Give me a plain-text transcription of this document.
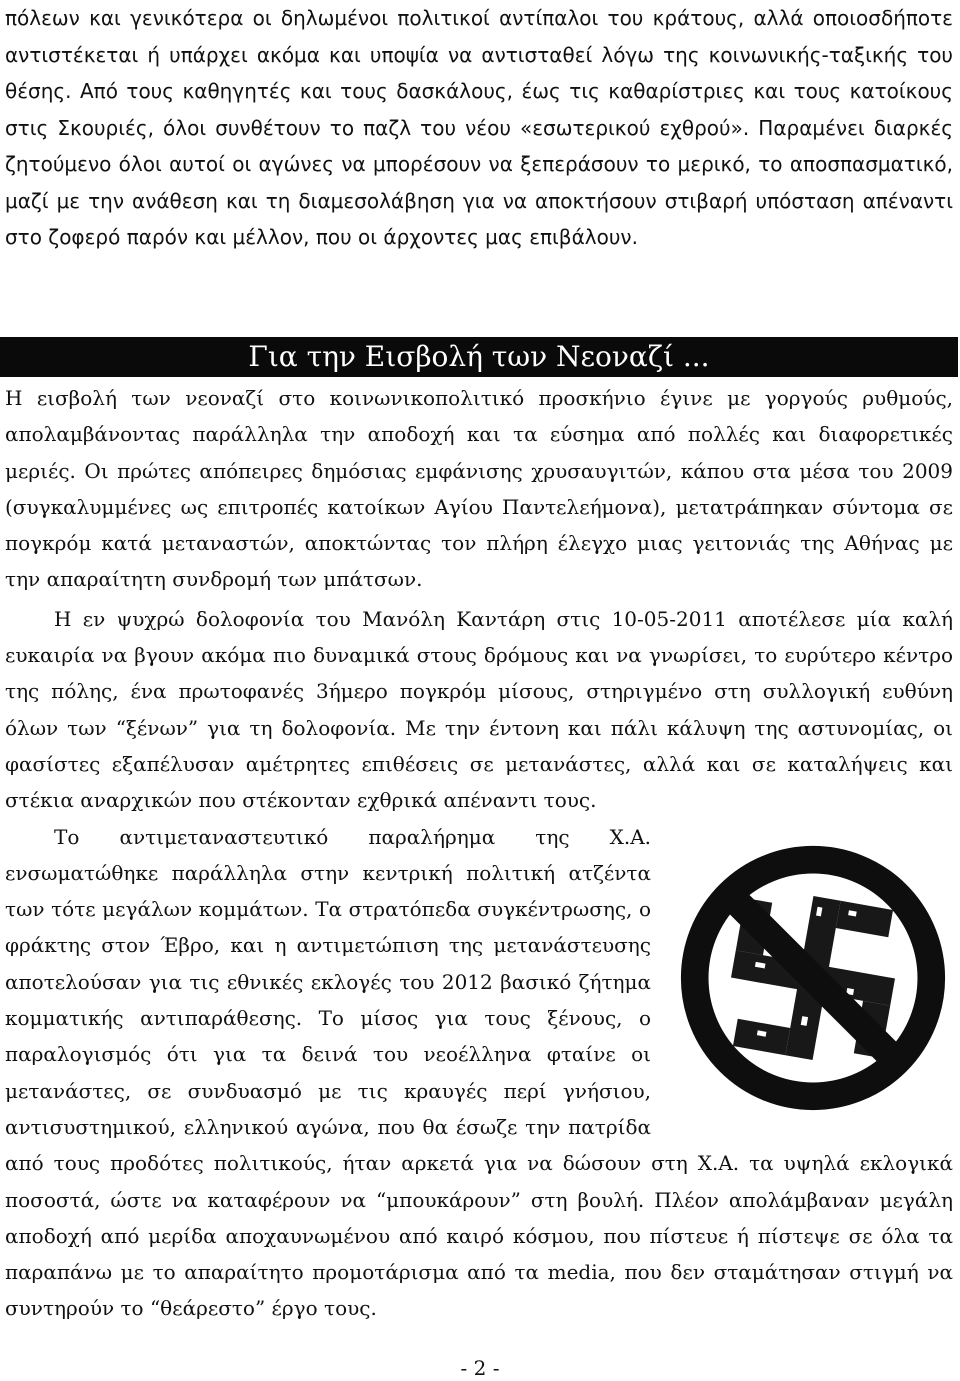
πόλεων και γενικότερα οι δηλωμένοι πολιτικοί αντίπαλοι του κράτους, αλλά οποιοσδήποτε αντιστέκεται ή υπάρχει ακόμα και υποψία να αντισταθεί λόγω της κοινωνικής-ταξικής του θέσης. Από τους καθηγητές και τους δασκάλους, έως τις καθαρίστριες και τους κατοίκους στις Σκουριές, όλοι συνθέτουν το παζλ του νέου «εσωτερικού εχθρού». Παραμένει διαρκές ζητούμενο όλοι αυτοί οι αγώνες να μπορέσουν να ξεπεράσουν το μερικό, το αποσπασματικό, μαζί με την ανάθεση και τη διαμεσολάβηση για να αποκτήσουν στιβαρή υπόσταση απέναντι στο ζοφερό παρόν και μέλλον, που οι άρχοντες μας επιβάλουν.

Για την Εισβολή των Νεοναζί ...

Η εισβολή των νεοναζί στο κοινωνικοπολιτικό προσκήνιο έγινε με γοργούς ρυθμούς, απολαμβάνοντας παράλληλα την αποδοχή και τα εύσημα από πολλές και διαφορετικές μεριές. Οι πρώτες απόπειρες δημόσιας εμφάνισης χρυσαυγιτών, κάπου στα μέσα του 2009 (συγκαλυμμένες ως επιτροπές κατοίκων Αγίου Παντελεήμονα), μετατράπηκαν σύντομα σε πογκρόμ κατά μεταναστών, αποκτώντας τον πλήρη έλεγχο μιας γειτονιάς της Αθήνας με την απαραίτητη συνδρομή των μπάτσων.

Η εν ψυχρώ δολοφονία του Μανόλη Καντάρη στις 10-05-2011 αποτέλεσε μία καλή ευκαιρία να βγουν ακόμα πιο δυναμικά στους δρόμους και να γνωρίσει, το ευρύτερο κέντρο της πόλης, ένα πρωτοφανές 3ήμερο πογκρόμ μίσους, στηριγμένο στη συλλογική ευθύνη όλων των “ξένων” για τη δολοφονία. Με την έντονη και πάλι κάλυψη της αστυνομίας, οι φασίστες εξαπέλυσαν αμέτρητες επιθέσεις σε μετανάστες, αλλά και σε καταλήψεις και στέκια αναρχικών που στέκονταν εχθρικά απέναντι τους.

Το αντιμεταναστευτικό παραλήρημα της Χ.Α. ενσωματώθηκε παράλληλα στην κεντρική πολιτική ατζέντα των τότε μεγάλων κομμάτων. Τα στρατόπεδα συγκέντρωσης, ο φράκτης στον Έβρο, και η αντιμετώπιση της μετανάστευσης αποτελούσαν για τις εθνικές εκλογές του 2012 βασικό ζήτημα κομματικής αντιπαράθεσης. Το μίσος για τους ξένους, ο παραλογισμός ότι για τα δεινά του νεοέλληνα φταίνε οι μετανάστες, σε συνδυασμό με τις κραυγές περί γνήσιου, αντισυστημικού, ελληνικού αγώνα, που θα έσωζε την πατρίδα από τους προδότες πολιτικούς, ήταν αρκετά για να δώσουν στη Χ.Α. τα υψηλά εκλογικά ποσοστά, ώστε να καταφέρουν να “μπουκάρουν” στη βουλή. Πλέον απολάμβαναν μεγάλη αποδοχή από μερίδα αποχαυνωμένου από καιρό κόσμου, που πίστευε ή πίστεψε σε όλα τα παραπάνω με το απαραίτητο προμοτάρισμα από τα media, που δεν σταμάτησαν στιγμή να συντηρούν το “θεάρεστο” έργο τους.

- 2 -
